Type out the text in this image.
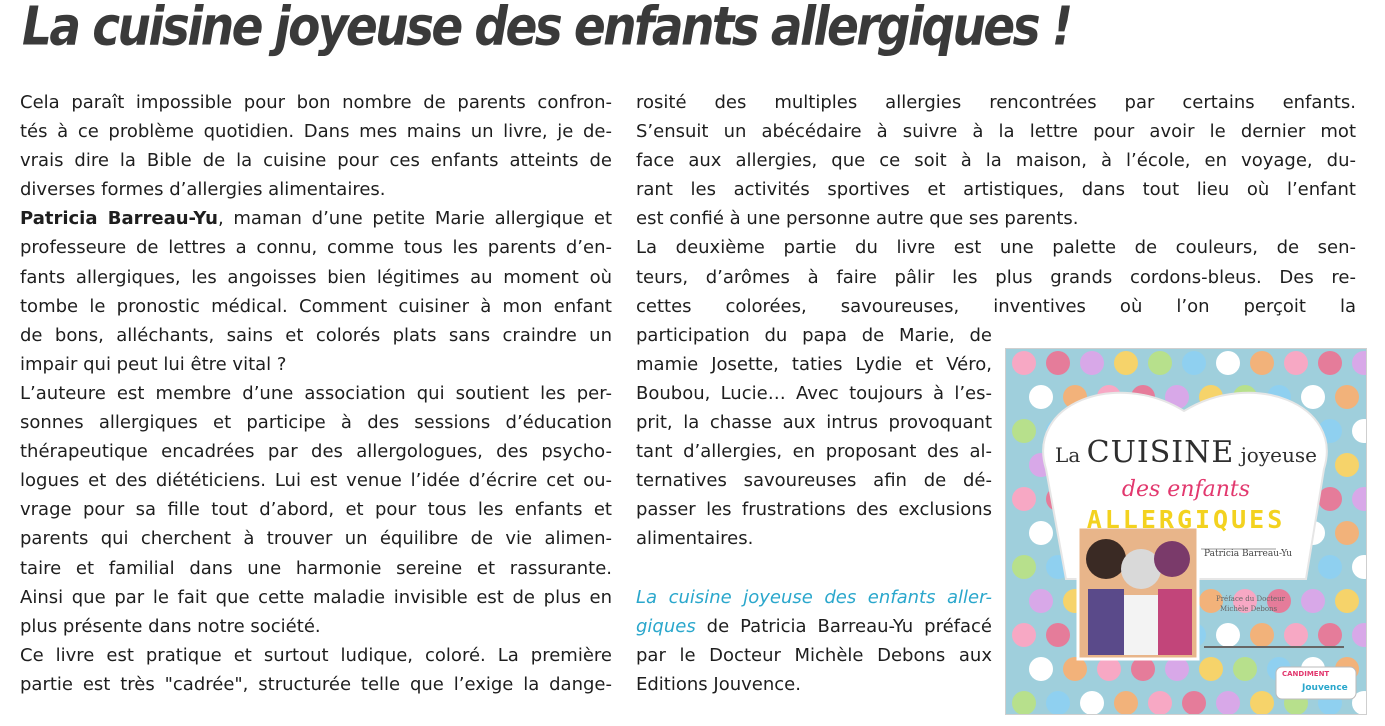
La cuisine joyeuse des enfants allergiques !
Cela paraît impossible pour bon nombre de parents confron-
tés à ce problème quotidien. Dans mes mains un livre, je de-
vrais dire la Bible de la cuisine pour ces enfants atteints de
diverses formes d’allergies alimentaires.
Patricia Barreau-Yu, maman d’une petite Marie allergique et
professeure de lettres a connu, comme tous les parents d’en-
fants allergiques, les angoisses bien légitimes au moment où
tombe le pronostic médical. Comment cuisiner à mon enfant
de bons, alléchants, sains et colorés plats sans craindre un
impair qui peut lui être vital ?
L’auteure est membre d’une association qui soutient les per-
sonnes allergiques et participe à des sessions d’éducation
thérapeutique encadrées par des allergologues, des psycho-
logues et des diététiciens. Lui est venue l’idée d’écrire cet ou-
vrage pour sa fille tout d’abord, et pour tous les enfants et
parents qui cherchent à trouver un équilibre de vie alimen-
taire et familial dans une harmonie sereine et rassurante.
Ainsi que par le fait que cette maladie invisible est de plus en
plus présente dans notre société.
Ce livre est pratique et surtout ludique, coloré. La première
partie est très "cadrée", structurée telle que l’exige la dange-
rosité des multiples allergies rencontrées par certains enfants.
S’ensuit un abécédaire à suivre à la lettre pour avoir le dernier mot
face aux allergies, que ce soit à la maison, à l’école, en voyage, du-
rant les activités sportives et artistiques, dans tout lieu où l’enfant
est confié à une personne autre que ses parents.
La deuxième partie du livre est une palette de couleurs, de sen-
teurs, d’arômes à faire pâlir les plus grands cordons-bleus. Des re-
cettes colorées, savoureuses, inventives où l’on perçoit la
participation du papa de Marie, de
mamie Josette, taties Lydie et Véro,
Boubou, Lucie… Avec toujours à l’es-
prit, la chasse aux intrus provoquant
tant d’allergies, en proposant des al-
ternatives savoureuses afin de dé-
passer les frustrations des exclusions
alimentaires.
La cuisine joyeuse des enfants aller-
giques de Patricia Barreau-Yu préfacé
par le Docteur Michèle Debons aux
Editions Jouvence.
La CUISINE joyeuse
des enfants
ALLERGIQUES
Patricia Barreau-Yu
Préface du Docteur
Michèle Debons
CANDIMENT
Jouvence
